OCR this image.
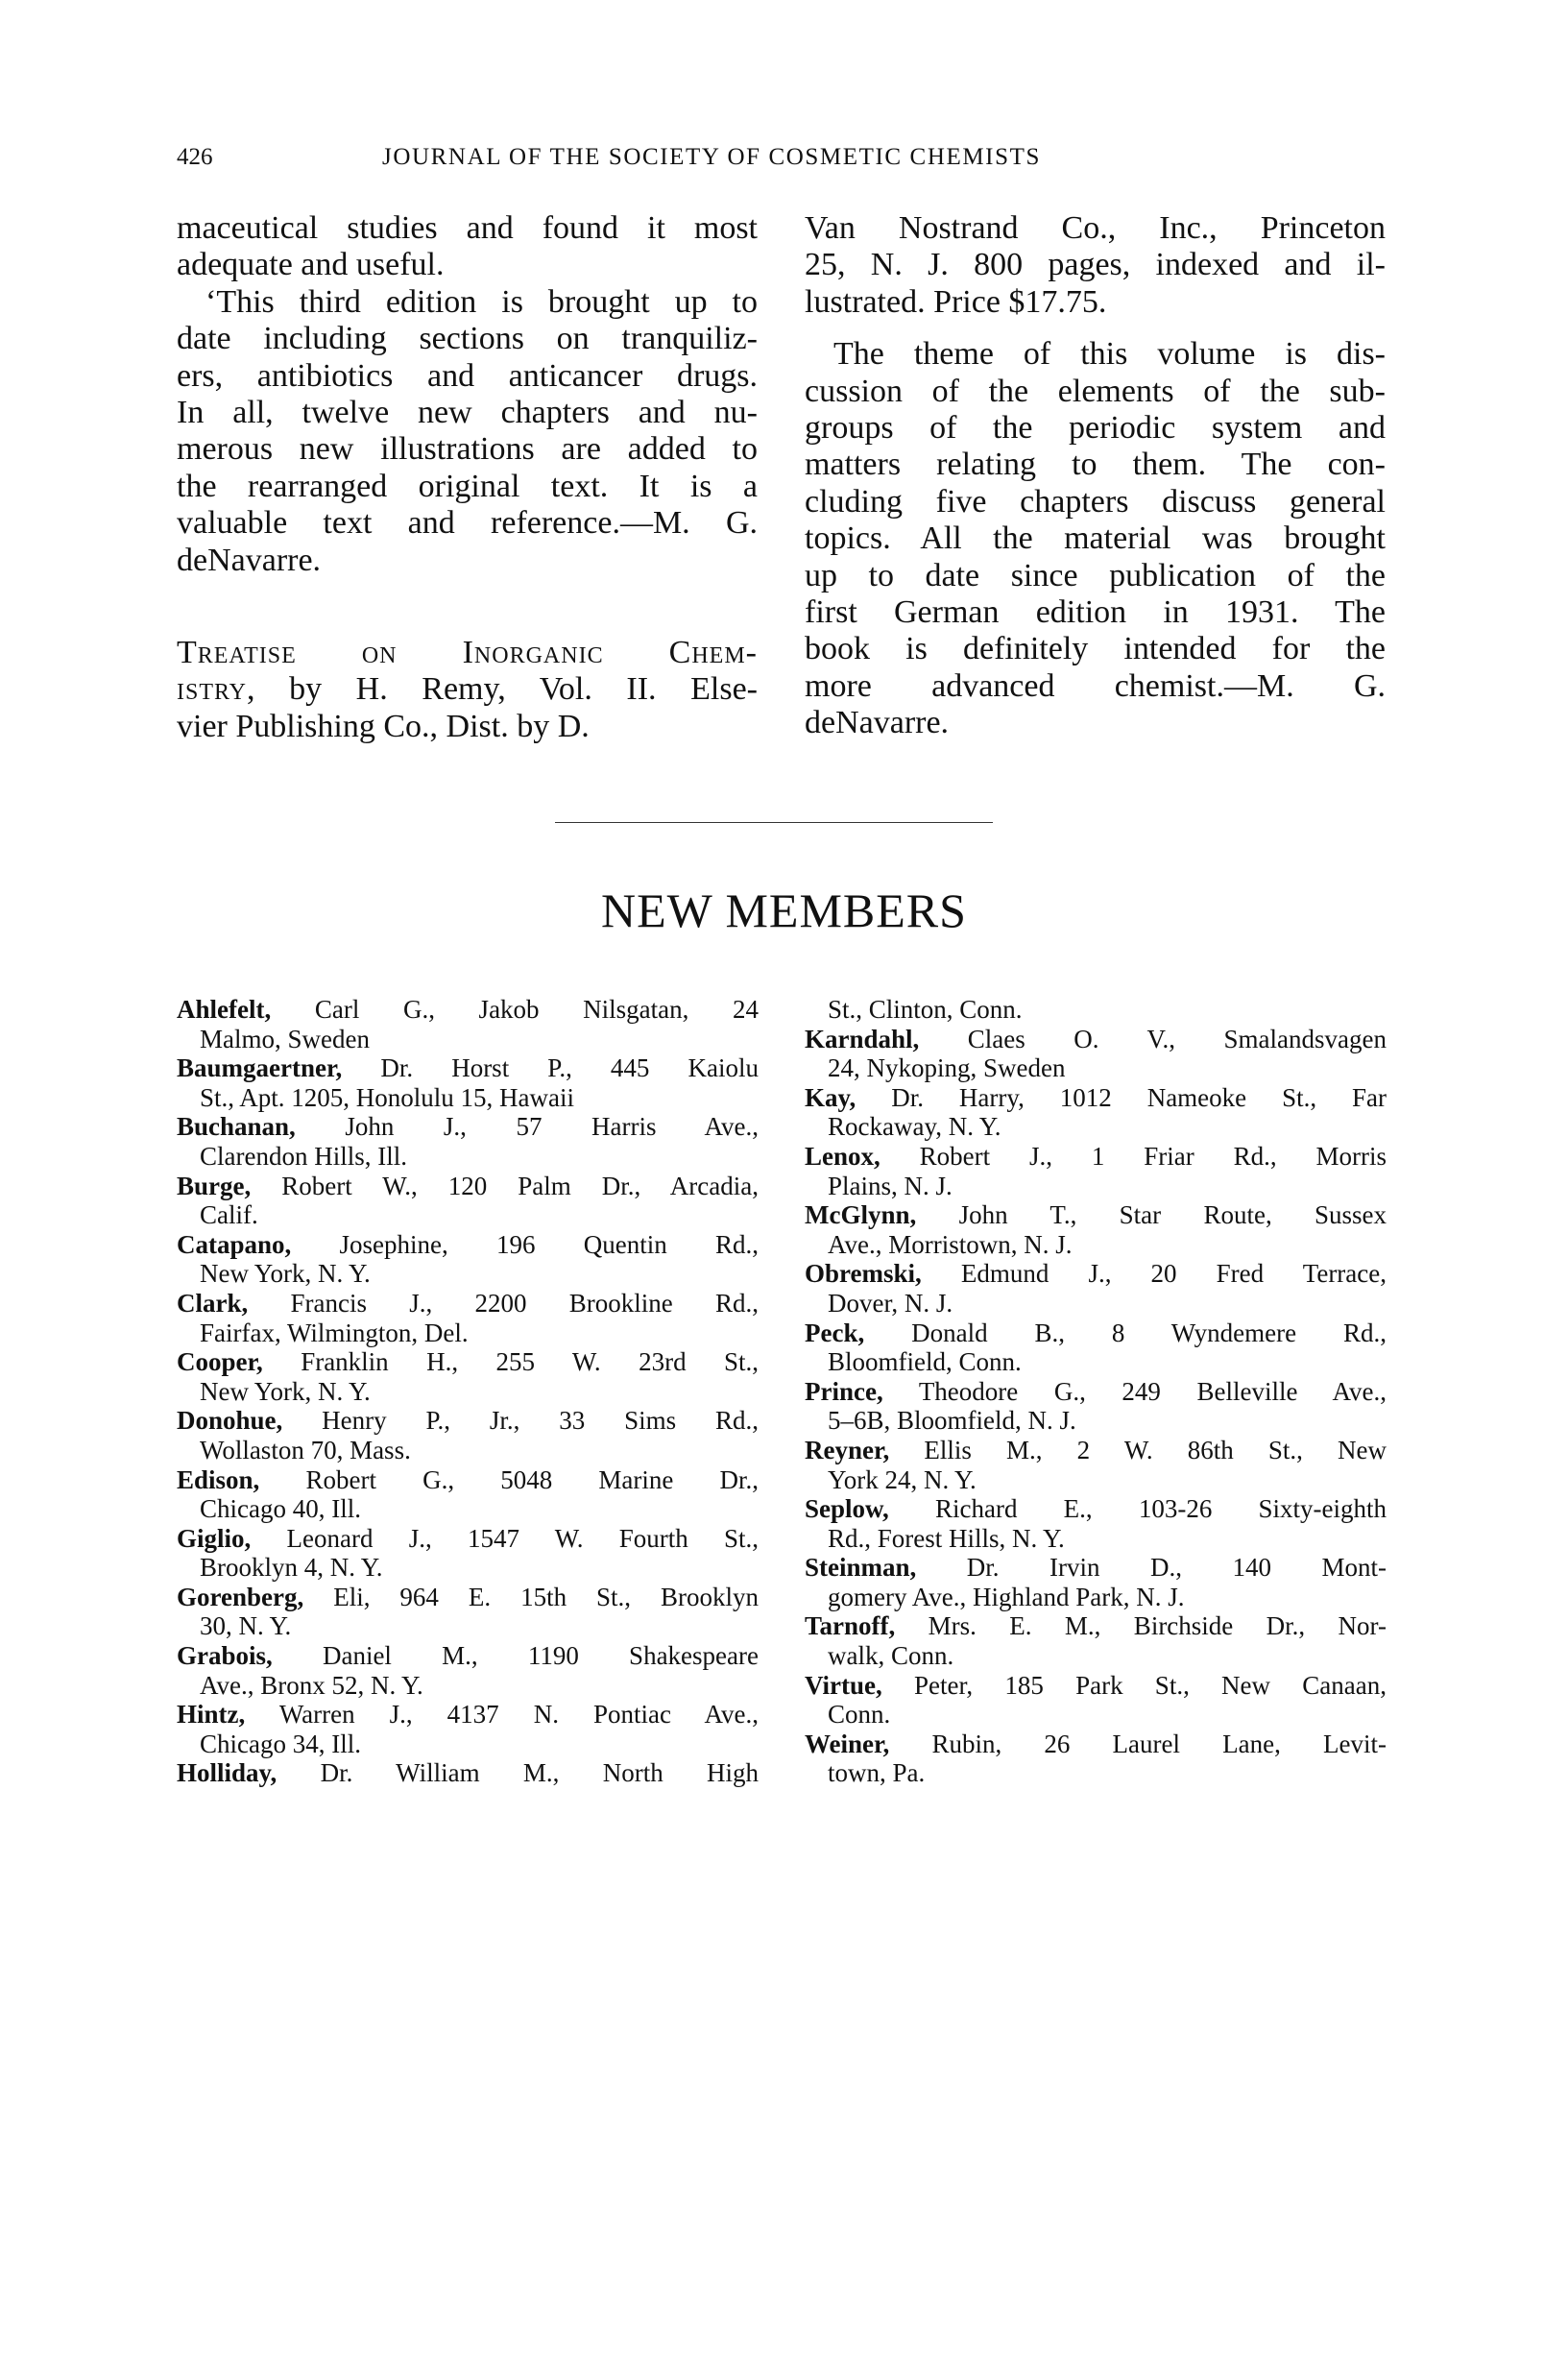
426	JOURNAL OF THE SOCIETY OF COSMETIC CHEMISTS
maceutical studies and found it most
adequate and useful.
‘This third edition is brought up to
date including sections on tranquiliz-
ers, antibiotics and anticancer drugs.
In all, twelve new chapters and nu-
merous new illustrations are added to
the rearranged original text. It is a
valuable text and reference.—M. G.
deNavarre.
Treatise on Inorganic Chem-
istry, by H. Remy, Vol. II. Else-
vier Publishing Co., Dist. by D.
Van Nostrand Co., Inc., Princeton
25, N. J. 800 pages, indexed and il-
lustrated. Price $17.75.
The theme of this volume is dis-
cussion of the elements of the sub-
groups of the periodic system and
matters relating to them. The con-
cluding five chapters discuss general
topics. All the material was brought
up to date since publication of the
first German edition in 1931. The
book is definitely intended for the
more advanced chemist.—M. G.
deNavarre.
NEW MEMBERS
Ahlefelt, Carl G., Jakob Nilsgatan, 24
Malmo, Sweden
Baumgaertner, Dr. Horst P., 445 Kaiolu
St., Apt. 1205, Honolulu 15, Hawaii
Buchanan, John J., 57 Harris Ave.,
Clarendon Hills, Ill.
Burge, Robert W., 120 Palm Dr., Arcadia,
Calif.
Catapano, Josephine, 196 Quentin Rd.,
New York, N. Y.
Clark, Francis J., 2200 Brookline Rd.,
Fairfax, Wilmington, Del.
Cooper, Franklin H., 255 W. 23rd St.,
New York, N. Y.
Donohue, Henry P., Jr., 33 Sims Rd.,
Wollaston 70, Mass.
Edison, Robert G., 5048 Marine Dr.,
Chicago 40, Ill.
Giglio, Leonard J., 1547 W. Fourth St.,
Brooklyn 4, N. Y.
Gorenberg, Eli, 964 E. 15th St., Brooklyn
30, N. Y.
Grabois, Daniel M., 1190 Shakespeare
Ave., Bronx 52, N. Y.
Hintz, Warren J., 4137 N. Pontiac Ave.,
Chicago 34, Ill.
Holliday, Dr. William M., North High
St., Clinton, Conn.
Karndahl, Claes O. V., Smalandsvagen
24, Nykoping, Sweden
Kay, Dr. Harry, 1012 Nameoke St., Far
Rockaway, N. Y.
Lenox, Robert J., 1 Friar Rd., Morris
Plains, N. J.
McGlynn, John T., Star Route, Sussex
Ave., Morristown, N. J.
Obremski, Edmund J., 20 Fred Terrace,
Dover, N. J.
Peck, Donald B., 8 Wyndemere Rd.,
Bloomfield, Conn.
Prince, Theodore G., 249 Belleville Ave.,
5–6B, Bloomfield, N. J.
Reyner, Ellis M., 2 W. 86th St., New
York 24, N. Y.
Seplow, Richard E., 103-26 Sixty-eighth
Rd., Forest Hills, N. Y.
Steinman, Dr. Irvin D., 140 Mont-
gomery Ave., Highland Park, N. J.
Tarnoff, Mrs. E. M., Birchside Dr., Nor-
walk, Conn.
Virtue, Peter, 185 Park St., New Canaan,
Conn.
Weiner, Rubin, 26 Laurel Lane, Levit-
town, Pa.
